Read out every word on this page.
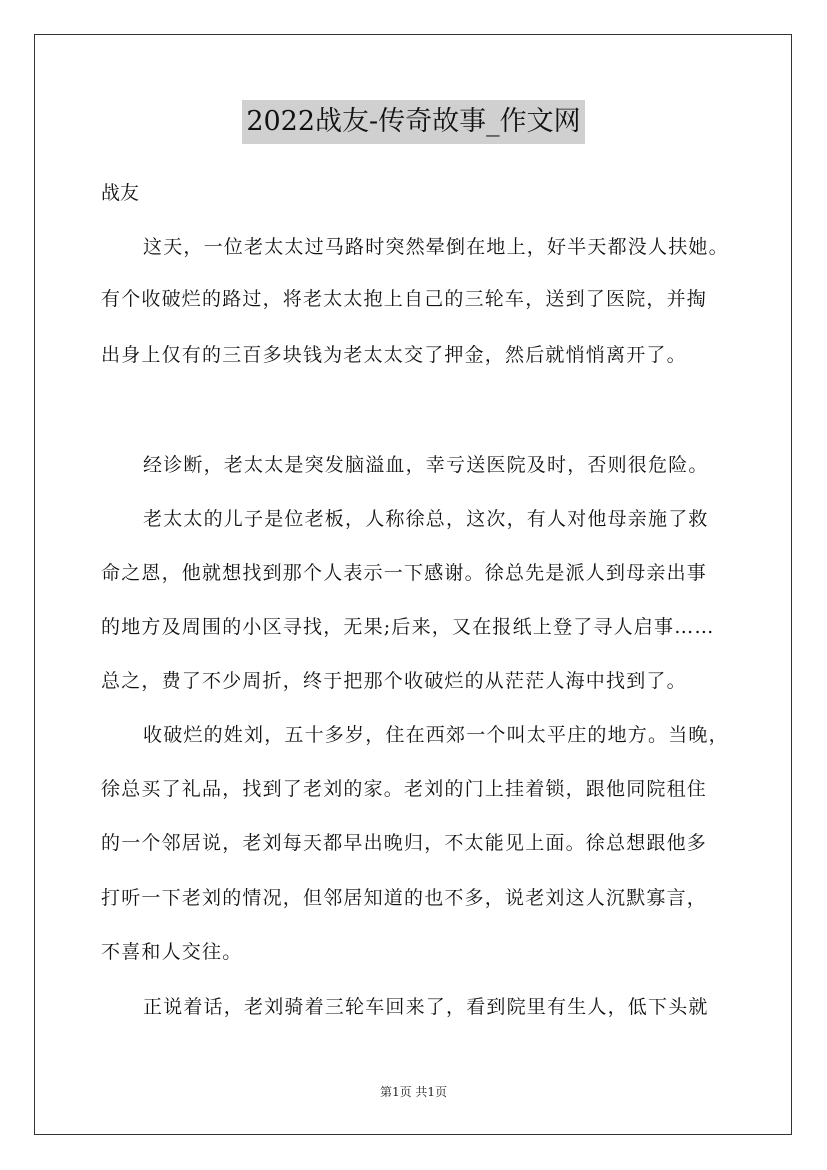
2022战友-传奇故事_作文网
战友
这天，一位老太太过马路时突然晕倒在地上，好半天都没人扶她。
有个收破烂的路过，将老太太抱上自己的三轮车，送到了医院，并掏
出身上仅有的三百多块钱为老太太交了押金，然后就悄悄离开了。
经诊断，老太太是突发脑溢血，幸亏送医院及时，否则很危险。
老太太的儿子是位老板，人称徐总，这次，有人对他母亲施了救
命之恩，他就想找到那个人表示一下感谢。徐总先是派人到母亲出事
的地方及周围的小区寻找，无果;后来，又在报纸上登了寻人启事……
总之，费了不少周折，终于把那个收破烂的从茫茫人海中找到了。
收破烂的姓刘，五十多岁，住在西郊一个叫太平庄的地方。当晚，
徐总买了礼品，找到了老刘的家。老刘的门上挂着锁，跟他同院租住
的一个邻居说，老刘每天都早出晚归，不太能见上面。徐总想跟他多
打听一下老刘的情况，但邻居知道的也不多，说老刘这人沉默寡言，
不喜和人交往。
正说着话，老刘骑着三轮车回来了，看到院里有生人，低下头就
第1页 共1页
